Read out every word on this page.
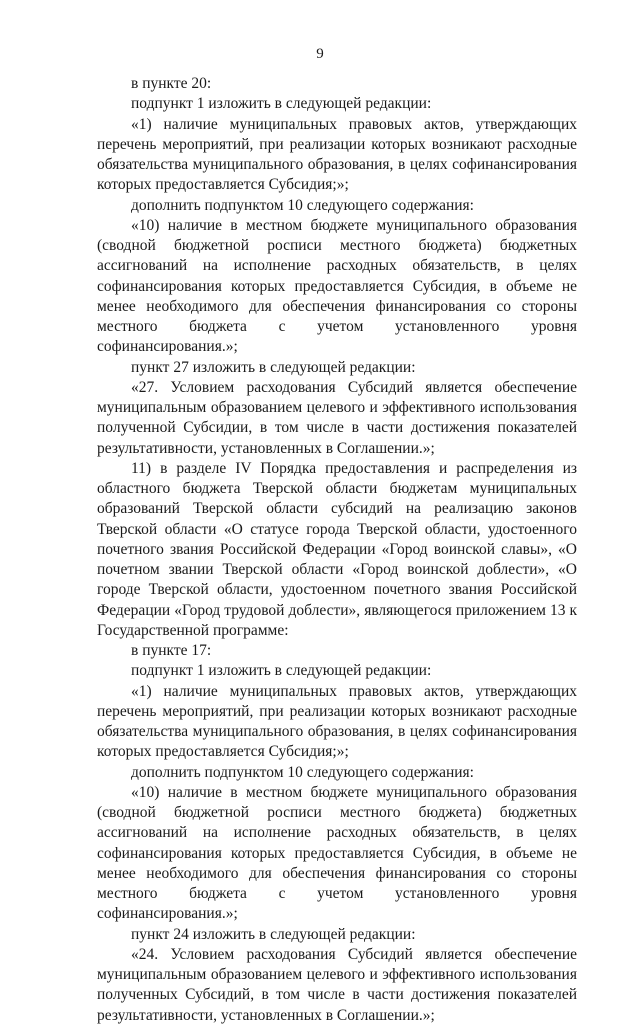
9

в пункте 20:

подпункт 1 изложить в следующей редакции:

«1) наличие муниципальных правовых актов, утверждающих перечень мероприятий, при реализации которых возникают расходные обязательства муниципального образования, в целях софинансирования которых предоставляется Субсидия;»;

дополнить подпунктом 10 следующего содержания:

«10) наличие в местном бюджете муниципального образования (сводной бюджетной росписи местного бюджета) бюджетных ассигнований на исполнение расходных обязательств, в целях софинансирования которых предоставляется Субсидия, в объеме не менее необходимого для обеспечения финансирования со стороны местного бюджета с учетом установленного уровня софинансирования.»;

пункт 27 изложить в следующей редакции:

«27. Условием расходования Субсидий является обеспечение муниципальным образованием целевого и эффективного использования полученной Субсидии, в том числе в части достижения показателей результативности, установленных в Соглашении.»;

11) в разделе IV Порядка предоставления и распределения из областного бюджета Тверской области бюджетам муниципальных образований Тверской области субсидий на реализацию законов Тверской области «О статусе города Тверской области, удостоенного почетного звания Российской Федерации «Город воинской славы», «О почетном звании Тверской области «Город воинской доблести», «О городе Тверской области, удостоенном почетного звания Российской Федерации «Город трудовой доблести», являющегося приложением 13 к Государственной программе:

в пункте 17:

подпункт 1 изложить в следующей редакции:

«1) наличие муниципальных правовых актов, утверждающих перечень мероприятий, при реализации которых возникают расходные обязательства муниципального образования, в целях софинансирования которых предоставляется Субсидия;»;

дополнить подпунктом 10 следующего содержания:

«10) наличие в местном бюджете муниципального образования (сводной бюджетной росписи местного бюджета) бюджетных ассигнований на исполнение расходных обязательств, в целях софинансирования которых предоставляется Субсидия, в объеме не менее необходимого для обеспечения финансирования со стороны местного бюджета с учетом установленного уровня софинансирования.»;

пункт 24 изложить в следующей редакции:

«24. Условием расходования Субсидий является обеспечение муниципальным образованием целевого и эффективного использования полученных Субсидий, в том числе в части достижения показателей результативности, установленных в Соглашении.»;
